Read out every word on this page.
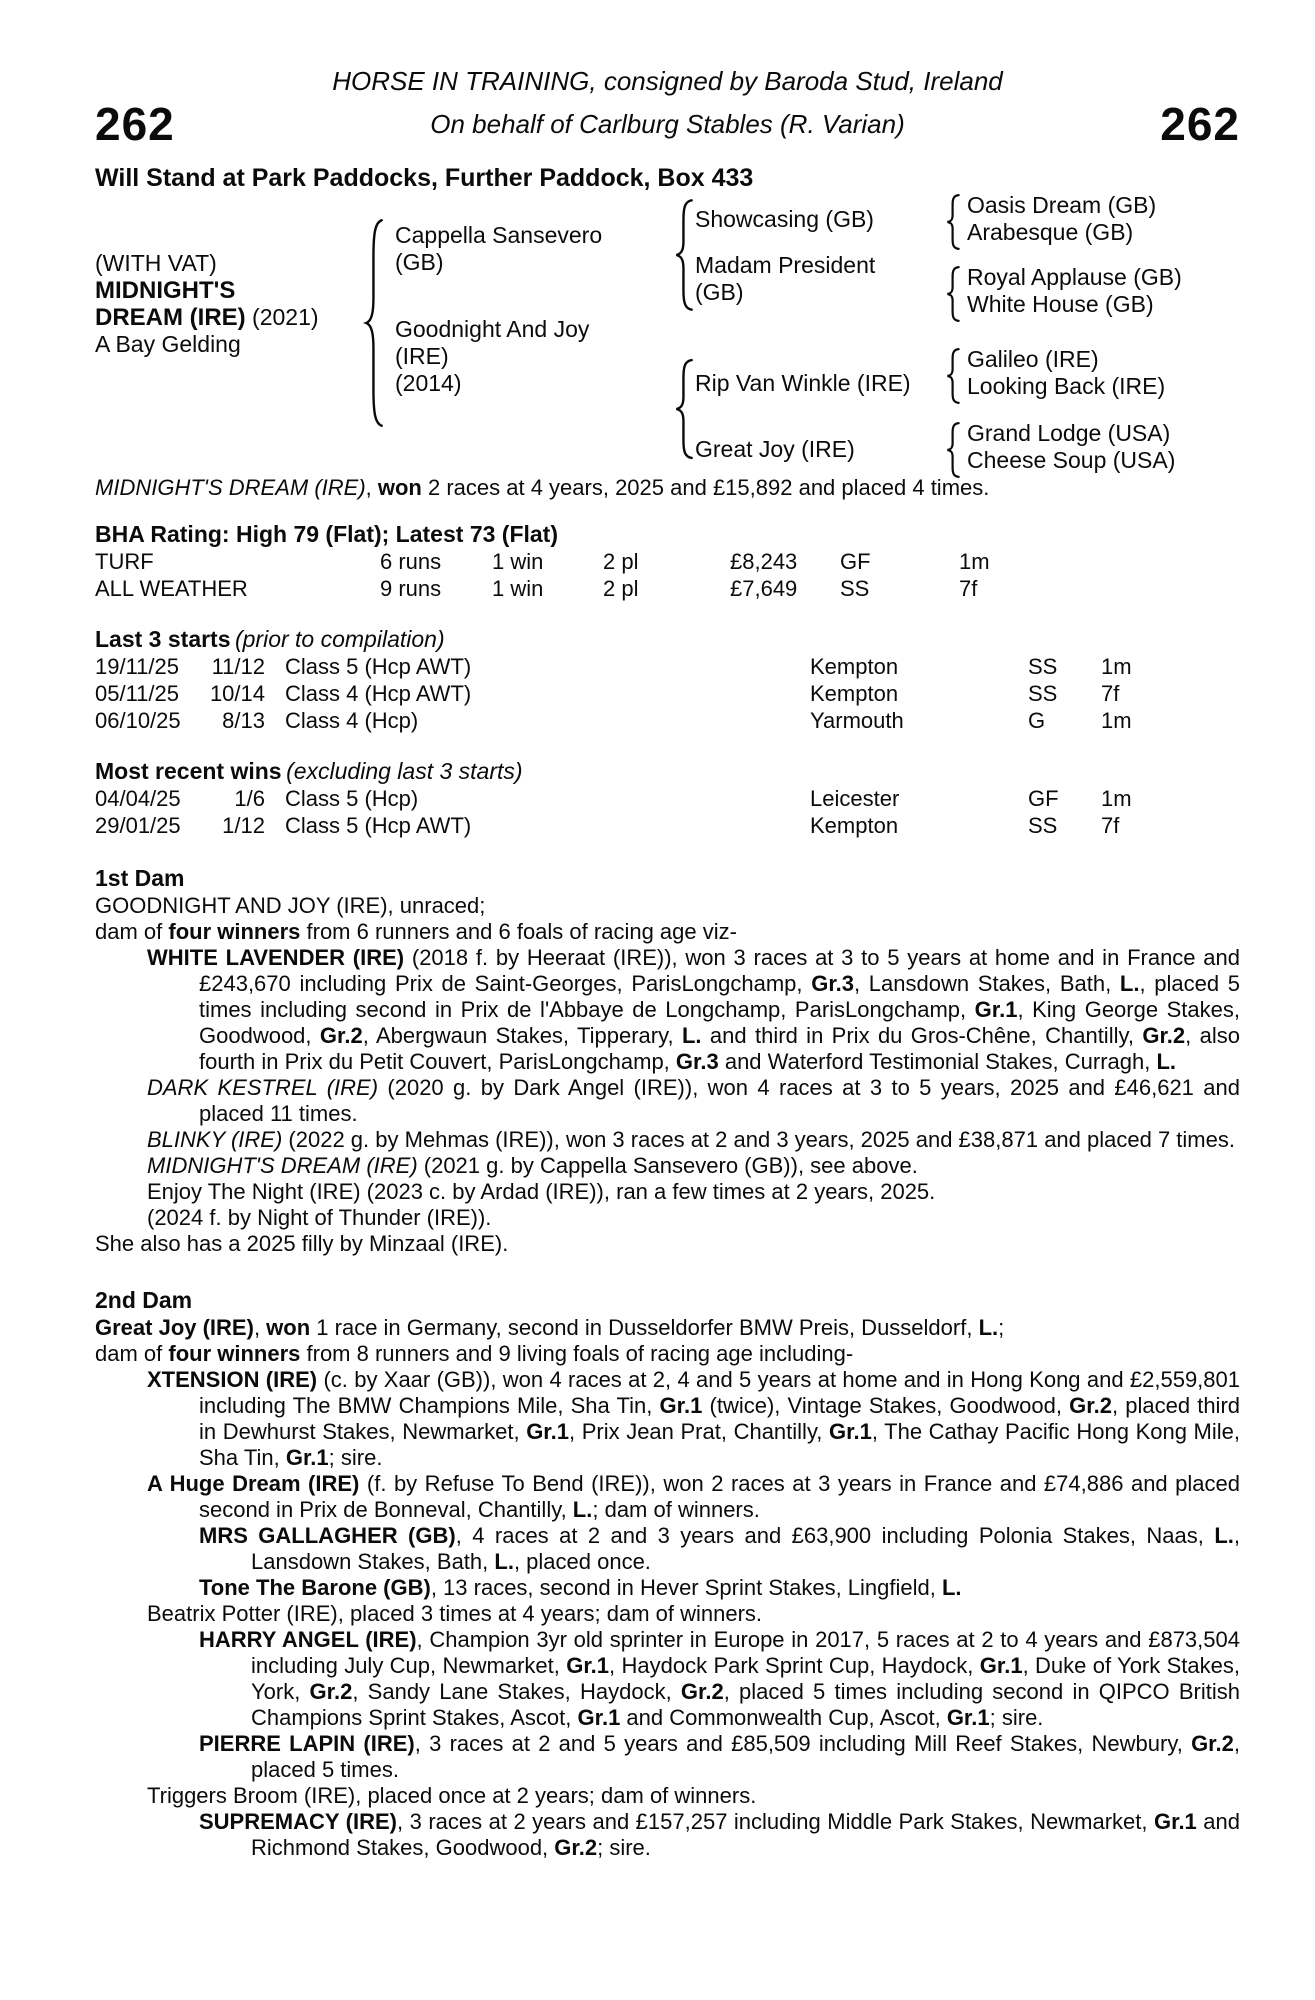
HORSE IN TRAINING, consigned by Baroda Stud, Ireland
262	On behalf of Carlburg Stables (R. Varian)	262
Will Stand at Park Paddocks, Further Paddock, Box 433
(WITH VAT)
MIDNIGHT'S
DREAM (IRE) (2021)
A Bay Gelding
Cappella Sansevero
(GB)
Goodnight And Joy
(IRE)
(2014)
Showcasing (GB)
Madam President
(GB)
Rip Van Winkle (IRE)
Great Joy (IRE)
Oasis Dream (GB)
Arabesque (GB)
Royal Applause (GB)
White House (GB)
Galileo (IRE)
Looking Back (IRE)
Grand Lodge (USA)
Cheese Soup (USA)

MIDNIGHT'S DREAM (IRE), won 2 races at 4 years, 2025 and £15,892 and placed 4 times.

BHA Rating: High 79 (Flat); Latest 73 (Flat)
TURF	6 runs	1 win	2 pl	£8,243	GF	1m
ALL WEATHER	9 runs	1 win	2 pl	£7,649	SS	7f
Last 3 starts (prior to compilation)
19/11/25	11/12 Class 5 (Hcp AWT)	Kempton	SS	1m
05/11/25	10/14 Class 4 (Hcp AWT)	Kempton	SS	7f
06/10/25	8/13 Class 4 (Hcp)	Yarmouth	G	1m
Most recent wins (excluding last 3 starts)
04/04/25	1/6 Class 5 (Hcp)	Leicester	GF	1m
29/01/25	1/12 Class 5 (Hcp AWT)	Kempton	SS	7f
1st Dam

GOODNIGHT AND JOY (IRE), unraced;

dam of four winners from 6 runners and 6 foals of racing age viz-

WHITE LAVENDER (IRE) (2018 f. by Heeraat (IRE)), won 3 races at 3 to 5 years at home and in France and £243,670 including Prix de Saint-Georges, ParisLongchamp, Gr.3, Lansdown Stakes, Bath, L., placed 5 times including second in Prix de l'Abbaye de Longchamp, ParisLongchamp, Gr.1, King George Stakes, Goodwood, Gr.2, Abergwaun Stakes, Tipperary, L. and third in Prix du Gros-Chêne, Chantilly, Gr.2, also fourth in Prix du Petit Couvert, ParisLongchamp, Gr.3 and Waterford Testimonial Stakes, Curragh, L.

DARK KESTREL (IRE) (2020 g. by Dark Angel (IRE)), won 4 races at 3 to 5 years, 2025 and £46,621 and placed 11 times.

BLINKY (IRE) (2022 g. by Mehmas (IRE)), won 3 races at 2 and 3 years, 2025 and £38,871 and placed 7 times.

MIDNIGHT'S DREAM (IRE) (2021 g. by Cappella Sansevero (GB)), see above.

Enjoy The Night (IRE) (2023 c. by Ardad (IRE)), ran a few times at 2 years, 2025.

(2024 f. by Night of Thunder (IRE)).

She also has a 2025 filly by Minzaal (IRE).

2nd Dam

Great Joy (IRE), won 1 race in Germany, second in Dusseldorfer BMW Preis, Dusseldorf, L.;

dam of four winners from 8 runners and 9 living foals of racing age including-

XTENSION (IRE) (c. by Xaar (GB)), won 4 races at 2, 4 and 5 years at home and in Hong Kong and £2,559,801 including The BMW Champions Mile, Sha Tin, Gr.1 (twice), Vintage Stakes, Goodwood, Gr.2, placed third in Dewhurst Stakes, Newmarket, Gr.1, Prix Jean Prat, Chantilly, Gr.1, The Cathay Pacific Hong Kong Mile, Sha Tin, Gr.1; sire.

A Huge Dream (IRE) (f. by Refuse To Bend (IRE)), won 2 races at 3 years in France and £74,886 and placed second in Prix de Bonneval, Chantilly, L.; dam of winners.

MRS GALLAGHER (GB), 4 races at 2 and 3 years and £63,900 including Polonia Stakes, Naas, L., Lansdown Stakes, Bath, L., placed once.

Tone The Barone (GB), 13 races, second in Hever Sprint Stakes, Lingfield, L.

Beatrix Potter (IRE), placed 3 times at 4 years; dam of winners.

HARRY ANGEL (IRE), Champion 3yr old sprinter in Europe in 2017, 5 races at 2 to 4 years and £873,504 including July Cup, Newmarket, Gr.1, Haydock Park Sprint Cup, Haydock, Gr.1, Duke of York Stakes, York, Gr.2, Sandy Lane Stakes, Haydock, Gr.2, placed 5 times including second in QIPCO British Champions Sprint Stakes, Ascot, Gr.1 and Commonwealth Cup, Ascot, Gr.1; sire.

PIERRE LAPIN (IRE), 3 races at 2 and 5 years and £85,509 including Mill Reef Stakes, Newbury, Gr.2, placed 5 times.

Triggers Broom (IRE), placed once at 2 years; dam of winners.

SUPREMACY (IRE), 3 races at 2 years and £157,257 including Middle Park Stakes, Newmarket, Gr.1 and Richmond Stakes, Goodwood, Gr.2; sire.
